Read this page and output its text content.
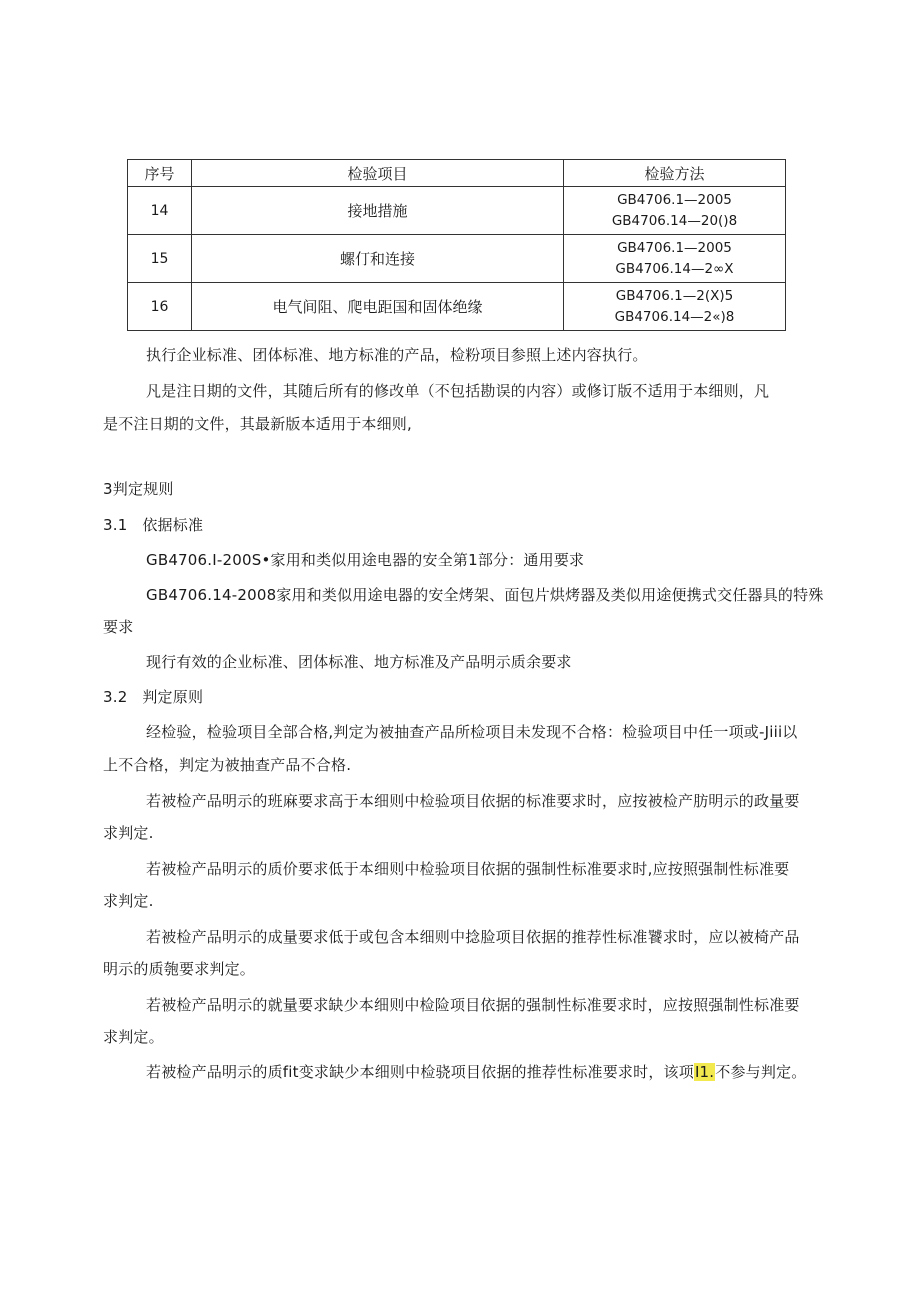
序号	检验项目	检验方法
14	接地措施	GB4706.1—2005
GB4706.14—20()8

15	螺仃和连接	GB4706.1—2005
GB4706.14—2∞X

16	电气间阻、爬电距国和固体绝缘	GB4706.1—2(X)5
GB4706.14—2«)8
执行企业标准、团体标准、地方标准的产品，检粉项目参照上述内容执行。
凡是注日期的文件，其随后所有的修改单（不包括勘误的内容）或修订版不适用于本细则，凡
是不注日期的文件，其最新版本适用于本细则,
3判定规则
3.1   依据标准
GB4706.I-200S•家用和类似用途电器的安全第1部分：通用要求
GB4706.14-2008家用和类似用途电器的安全烤架、面包片烘烤器及类似用途便携式交任器具的特殊
要求
现行有效的企业标准、团体标准、地方标准及产品明示质余要求
3.2   判定原则
经检验，检验项目全部合格,判定为被抽查产品所检项目未发现不合格：检验项目中任一项或-Jiii以
上不合格，判定为被抽查产品不合格.
若被检产品明示的班麻要求高于本细则中检验项目依据的标准要求时，应按被检产肪明示的政量要
求判定.
若被检产品明示的质价要求低于本细则中检验项目依据的强制性标准要求时,应按照强制性标准要
求判定.
若被检产品明示的成量要求低于或包含本细则中捻脸项目依据的推荐性标准饕求时，应以被椅产品
明示的质匏要求判定。
若被检产品明示的就量要求缺少本细则中检险项目依据的强制性标准要求时，应按照强制性标准要
求判定。
若被检产品明示的质fit变求缺少本细则中检骁项目依据的推荐性标准要求时，该项I1.不参与判定。
